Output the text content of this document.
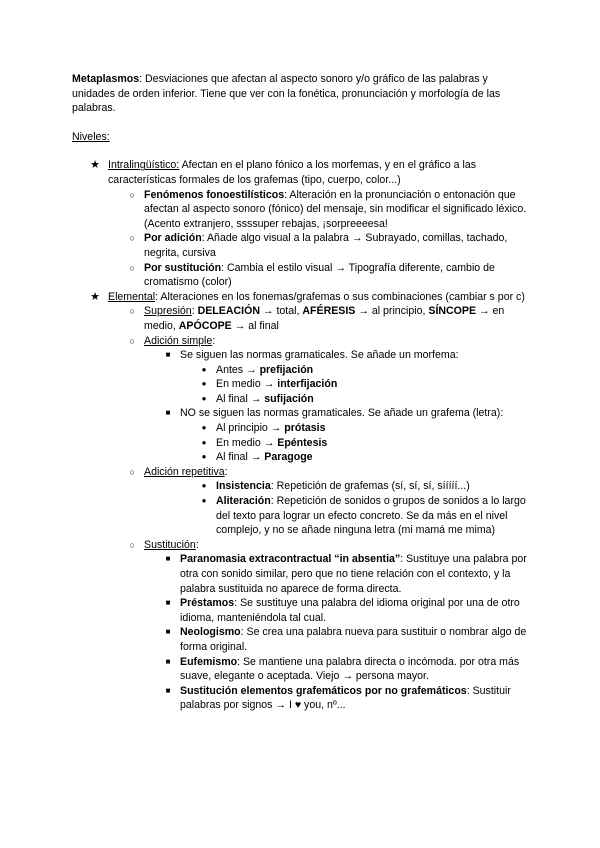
Metaplasmos: Desviaciones que afectan al aspecto sonoro y/o gráfico de las palabras y unidades de orden inferior. Tiene que ver con la fonética, pronunciación y morfología de las palabras.

Niveles:

★ Intralingüístico: Afectan en el plano fónico a los morfemas, y en el gráfico a las características formales de los grafemas (tipo, cuerpo, color...)
○ Fenómenos fonoestilísticos: Alteración en la pronunciación o entonación que afectan al aspecto sonoro (fónico) del mensaje, sin modificar el significado léxico. (Acento extranjero, ssssuper rebajas, ¡sorpreeeesa!
○ Por adición: Añade algo visual a la palabra → Subrayado, comillas, tachado, negrita, cursiva
○ Por sustitución: Cambia el estilo visual → Tipografía diferente, cambio de cromatismo (color)
★ Elemental: Alteraciones en los fonemas/grafemas o sus combinaciones (cambiar s por c)
○ Supresión: DELEACIÓN → total, AFÉRESIS → al principio, SÍNCOPE → en medio, APÓCOPE → al final
○ Adición simple:
■ Se siguen las normas gramaticales. Se añade un morfema:
● Antes → prefijación
● En medio → interfijación
● Al final → sufijación
■ NO se siguen las normas gramaticales. Se añade un grafema (letra):
● Al principio → prótasis
● En medio → Epéntesis
● Al final → Paragoge
○ Adición repetitiva:
● Insistencia: Repetición de grafemas (sí, sí, sí, sííííí...)
● Aliteración: Repetición de sonidos o grupos de sonidos a lo largo del texto para lograr un efecto concreto. Se da más en el nivel complejo, y no se añade ninguna letra (mi mamá me mima)
○ Sustitución:
■ Paranomasia extracontractual “in absentia”: Sustituye una palabra por otra con sonido similar, pero que no tiene relación con el contexto, y la palabra sustituida no aparece de forma directa.
■ Préstamos: Se sustituye una palabra del idioma original por una de otro idioma, manteniéndola tal cual.
■ Neologismo: Se crea una palabra nueva para sustituir o nombrar algo de forma original.
■ Eufemismo: Se mantiene una palabra directa o incómoda. por otra más suave, elegante o aceptada. Viejo → persona mayor.
■ Sustitución elementos grafemáticos por no grafemáticos: Sustituir palabras por signos → I ♥ you, nº...
